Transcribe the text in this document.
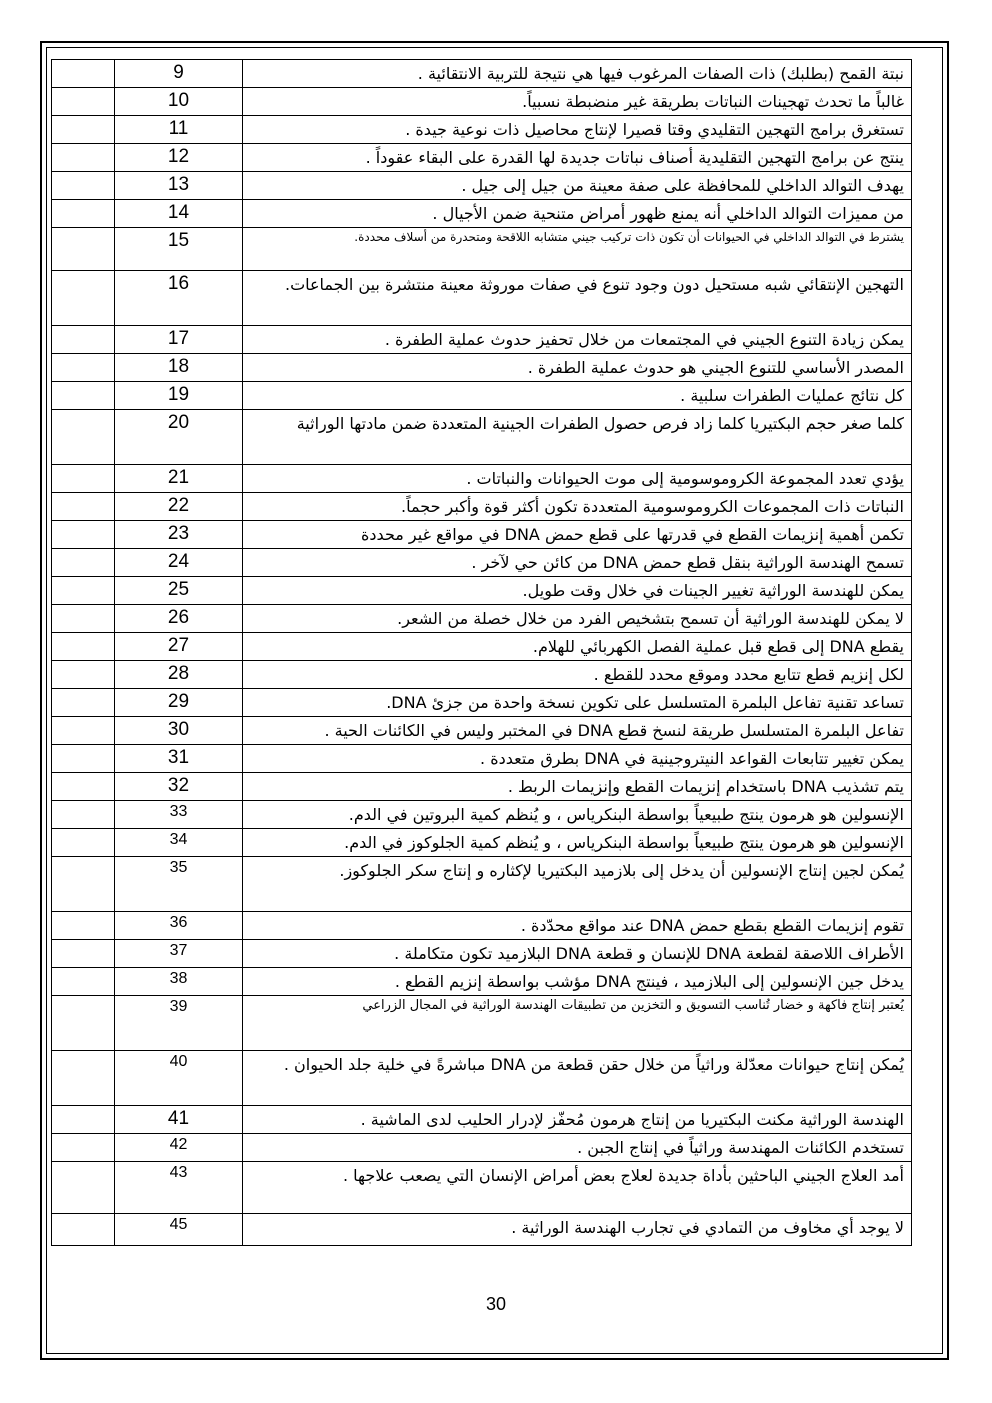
	9	نبتة القمح (بطلبك) ذات الصفات المرغوب فيها هي نتيجة للتربية الانتقائية .
	10	غالباً ما تحدث تهجينات النباتات بطريقة غير منضبطة نسبياً.
	11	تستغرق برامج التهجين التقليدي وقتا قصيرا لإنتاج محاصيل ذات نوعية جيدة .
	12	ينتج عن برامج التهجين التقليدية أصناف نباتات جديدة لها القدرة على البقاء عقوداً .
	13	يهدف التوالد الداخلي للمحافظة على صفة معينة من جيل إلى جيل .
	14	من مميزات التوالد الداخلي أنه يمنع ظهور أمراض متنحية ضمن الأجيال .
	15	يشترط في التوالد الداخلي في الحيوانات أن تكون ذات تركيب جيني متشابه اللاقحة ومتحدرة من أسلاف محددة.
	16	التهجين الإنتقائي شبه مستحيل دون وجود تنوع في صفات موروثة معينة منتشرة بين الجماعات.
	17	يمكن زيادة التنوع الجيني في المجتمعات من خلال تحفيز حدوث عملية الطفرة .
	18	المصدر الأساسي للتنوع الجيني هو حدوث عملية الطفرة .
	19	كل نتائج عمليات الطفرات سلبية .
	20	كلما صغر حجم البكتيريا كلما زاد فرص حصول الطفرات الجينية المتعددة ضمن مادتها الوراثية
	21	يؤدي تعدد المجموعة الكروموسومية إلى موت الحيوانات والنباتات .
	22	النباتات ذات المجموعات الكروموسومية المتعددة تكون أكثر قوة وأكبر حجماً.
	23	تكمن أهمية إنزيمات القطع في قدرتها على قطع حمض DNA في مواقع غير محددة
	24	تسمح الهندسة الوراثية بنقل قطع حمض DNA من كائن حي لآخر .
	25	يمكن للهندسة الوراثية تغيير الجينات في خلال وقت طويل.
	26	لا يمكن للهندسة الوراثية أن تسمح بتشخيص الفرد من خلال خصلة من الشعر.
	27	يقطع DNA إلى قطع قبل عملية الفصل الكهربائي للهلام.
	28	لكل إنزيم قطع تتابع محدد وموقع محدد للقطع .
	29	تساعد تقنية تفاعل البلمرة المتسلسل على تكوين نسخة واحدة من جزئ DNA.
	30	تفاعل البلمرة المتسلسل طريقة لنسخ قطع DNA في المختبر وليس في الكائنات الحية .
	31	يمكن تغيير تتابعات القواعد النيتروجينية في DNA بطرق متعددة .
	32	يتم تشذيب DNA باستخدام إنزيمات القطع وإنزيمات الربط .
	33	الإنسولين هو هرمون ينتج طبيعياً بواسطة البنكرياس ، و يُنظم كمية البروتين في الدم.
	34	الإنسولين هو هرمون ينتج طبيعياً بواسطة البنكرياس ، و يُنظم كمية الجلوكوز في الدم.
	35	يُمكن لجين إنتاج الإنسولين أن يدخل إلى بلازميد البكتيريا لإكثاره و إنتاج سكر الجلوكوز.
	36	تقوم إنزيمات القطع بقطع حمض DNA عند مواقع محدّدة .
	37	الأطراف اللاصقة لقطعة DNA للإنسان و قطعة DNA البلازميد تكون متكاملة .
	38	يدخل جين الإنسولين إلى البلازميد ، فينتج DNA مؤشب بواسطة إنزيم القطع .
	39	يُعتبر إنتاج فاكهة و خضار تُناسب التسويق و التخزين من تطبيقات الهندسة الوراثية في المجال الزراعي
	40	يُمكن إنتاج حيوانات معدّلة وراثياً من خلال حقن قطعة من DNA مباشرةً في خلية جلد الحيوان .
	41	الهندسة الوراثية مكنت البكتيريا من إنتاج هرمون مُحفّز لإدرار الحليب لدى الماشية .
	42	تستخدم الكائنات المهندسة وراثياً في إنتاج الجبن .
	43	أمد العلاج الجيني الباحثين بأداة جديدة لعلاج بعض أمراض الإنسان التي يصعب علاجها .
	45	لا يوجد أي مخاوف من التمادي في تجارب الهندسة الوراثية .
30
